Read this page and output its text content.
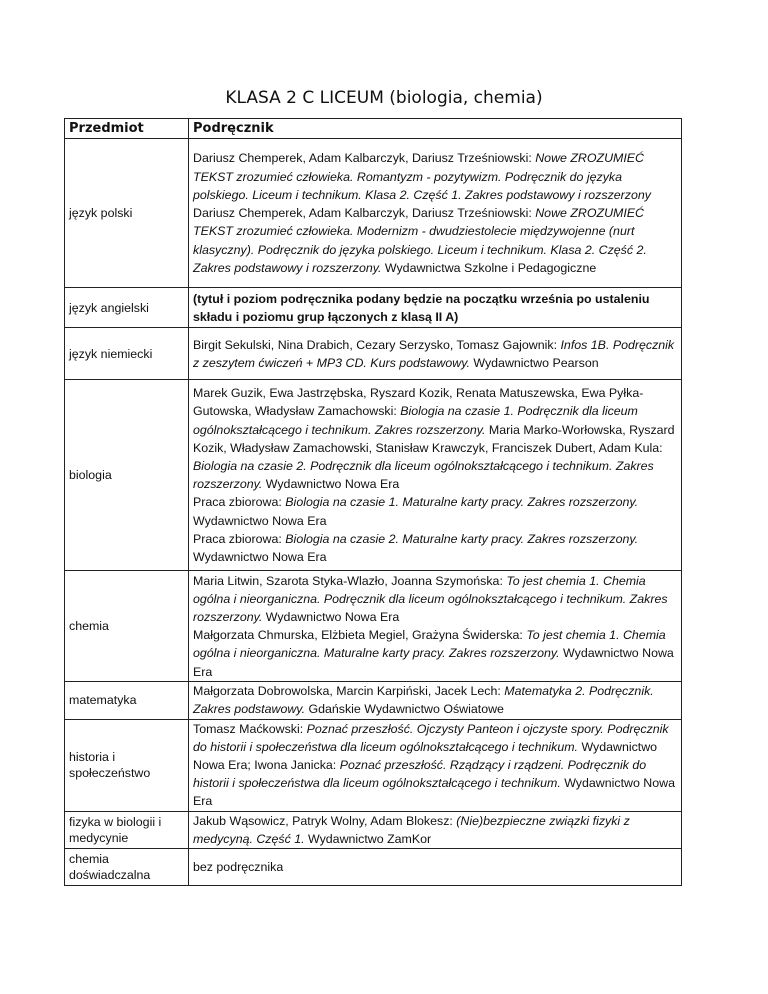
KLASA 2 C LICEUM (biologia, chemia)
Przedmiot	Podręcznik
język polski	Dariusz Chemperek, Adam Kalbarczyk, Dariusz Trześniowski: Nowe ZROZUMIEĆ TEKST zrozumieć człowieka. Romantyzm - pozytywizm. Podręcznik do języka polskiego. Liceum i technikum. Klasa 2. Część 1. Zakres podstawowy i rozszerzony
Dariusz Chemperek, Adam Kalbarczyk, Dariusz Trześniowski: Nowe ZROZUMIEĆ TEKST zrozumieć człowieka. Modernizm - dwudziestolecie międzywojenne (nurt klasyczny). Podręcznik do języka polskiego. Liceum i technikum. Klasa 2. Część 2. Zakres podstawowy i rozszerzony. Wydawnictwa Szkolne i Pedagogiczne
język angielski	(tytuł i poziom podręcznika podany będzie na początku września po ustaleniu składu i poziomu grup łączonych z klasą II A)
język niemiecki	Birgit Sekulski, Nina Drabich, Cezary Serzysko, Tomasz Gajownik: Infos 1B. Podręcznik z zeszytem ćwiczeń + MP3 CD. Kurs podstawowy. Wydawnictwo Pearson
biologia	Marek Guzik, Ewa Jastrzębska, Ryszard Kozik, Renata Matuszewska, Ewa Pyłka-Gutowska, Władysław Zamachowski: Biologia na czasie 1. Podręcznik dla liceum ogólnokształcącego i technikum. Zakres rozszerzony. Maria Marko-Worłowska, Ryszard Kozik, Władysław Zamachowski, Stanisław Krawczyk, Franciszek Dubert, Adam Kula: Biologia na czasie 2. Podręcznik dla liceum ogólnokształcącego i technikum. Zakres rozszerzony. Wydawnictwo Nowa Era
Praca zbiorowa: Biologia na czasie 1. Maturalne karty pracy. Zakres rozszerzony. Wydawnictwo Nowa Era
Praca zbiorowa: Biologia na czasie 2. Maturalne karty pracy. Zakres rozszerzony. Wydawnictwo Nowa Era
chemia	Maria Litwin, Szarota Styka-Wlazło, Joanna Szymońska: To jest chemia 1. Chemia ogólna i nieorganiczna. Podręcznik dla liceum ogólnokształcącego i technikum. Zakres rozszerzony. Wydawnictwo Nowa Era
Małgorzata Chmurska, Elżbieta Megiel, Grażyna Świderska: To jest chemia 1. Chemia ogólna i nieorganiczna. Maturalne karty pracy. Zakres rozszerzony. Wydawnictwo Nowa Era
matematyka	Małgorzata Dobrowolska, Marcin Karpiński, Jacek Lech: Matematyka 2. Podręcznik. Zakres podstawowy. Gdańskie Wydawnictwo Oświatowe
historia i społeczeństwo	Tomasz Maćkowski: Poznać przeszłość. Ojczysty Panteon i ojczyste spory. Podręcznik do historii i społeczeństwa dla liceum ogólnokształcącego i technikum. Wydawnictwo Nowa Era; Iwona Janicka: Poznać przeszłość. Rządzący i rządzeni. Podręcznik do historii i społeczeństwa dla liceum ogólnokształcącego i technikum. Wydawnictwo Nowa Era
fizyka w biologii i medycynie	Jakub Wąsowicz, Patryk Wolny, Adam Blokesz: (Nie)bezpieczne związki fizyki z medycyną. Część 1. Wydawnictwo ZamKor
chemia doświadczalna	bez podręcznika
